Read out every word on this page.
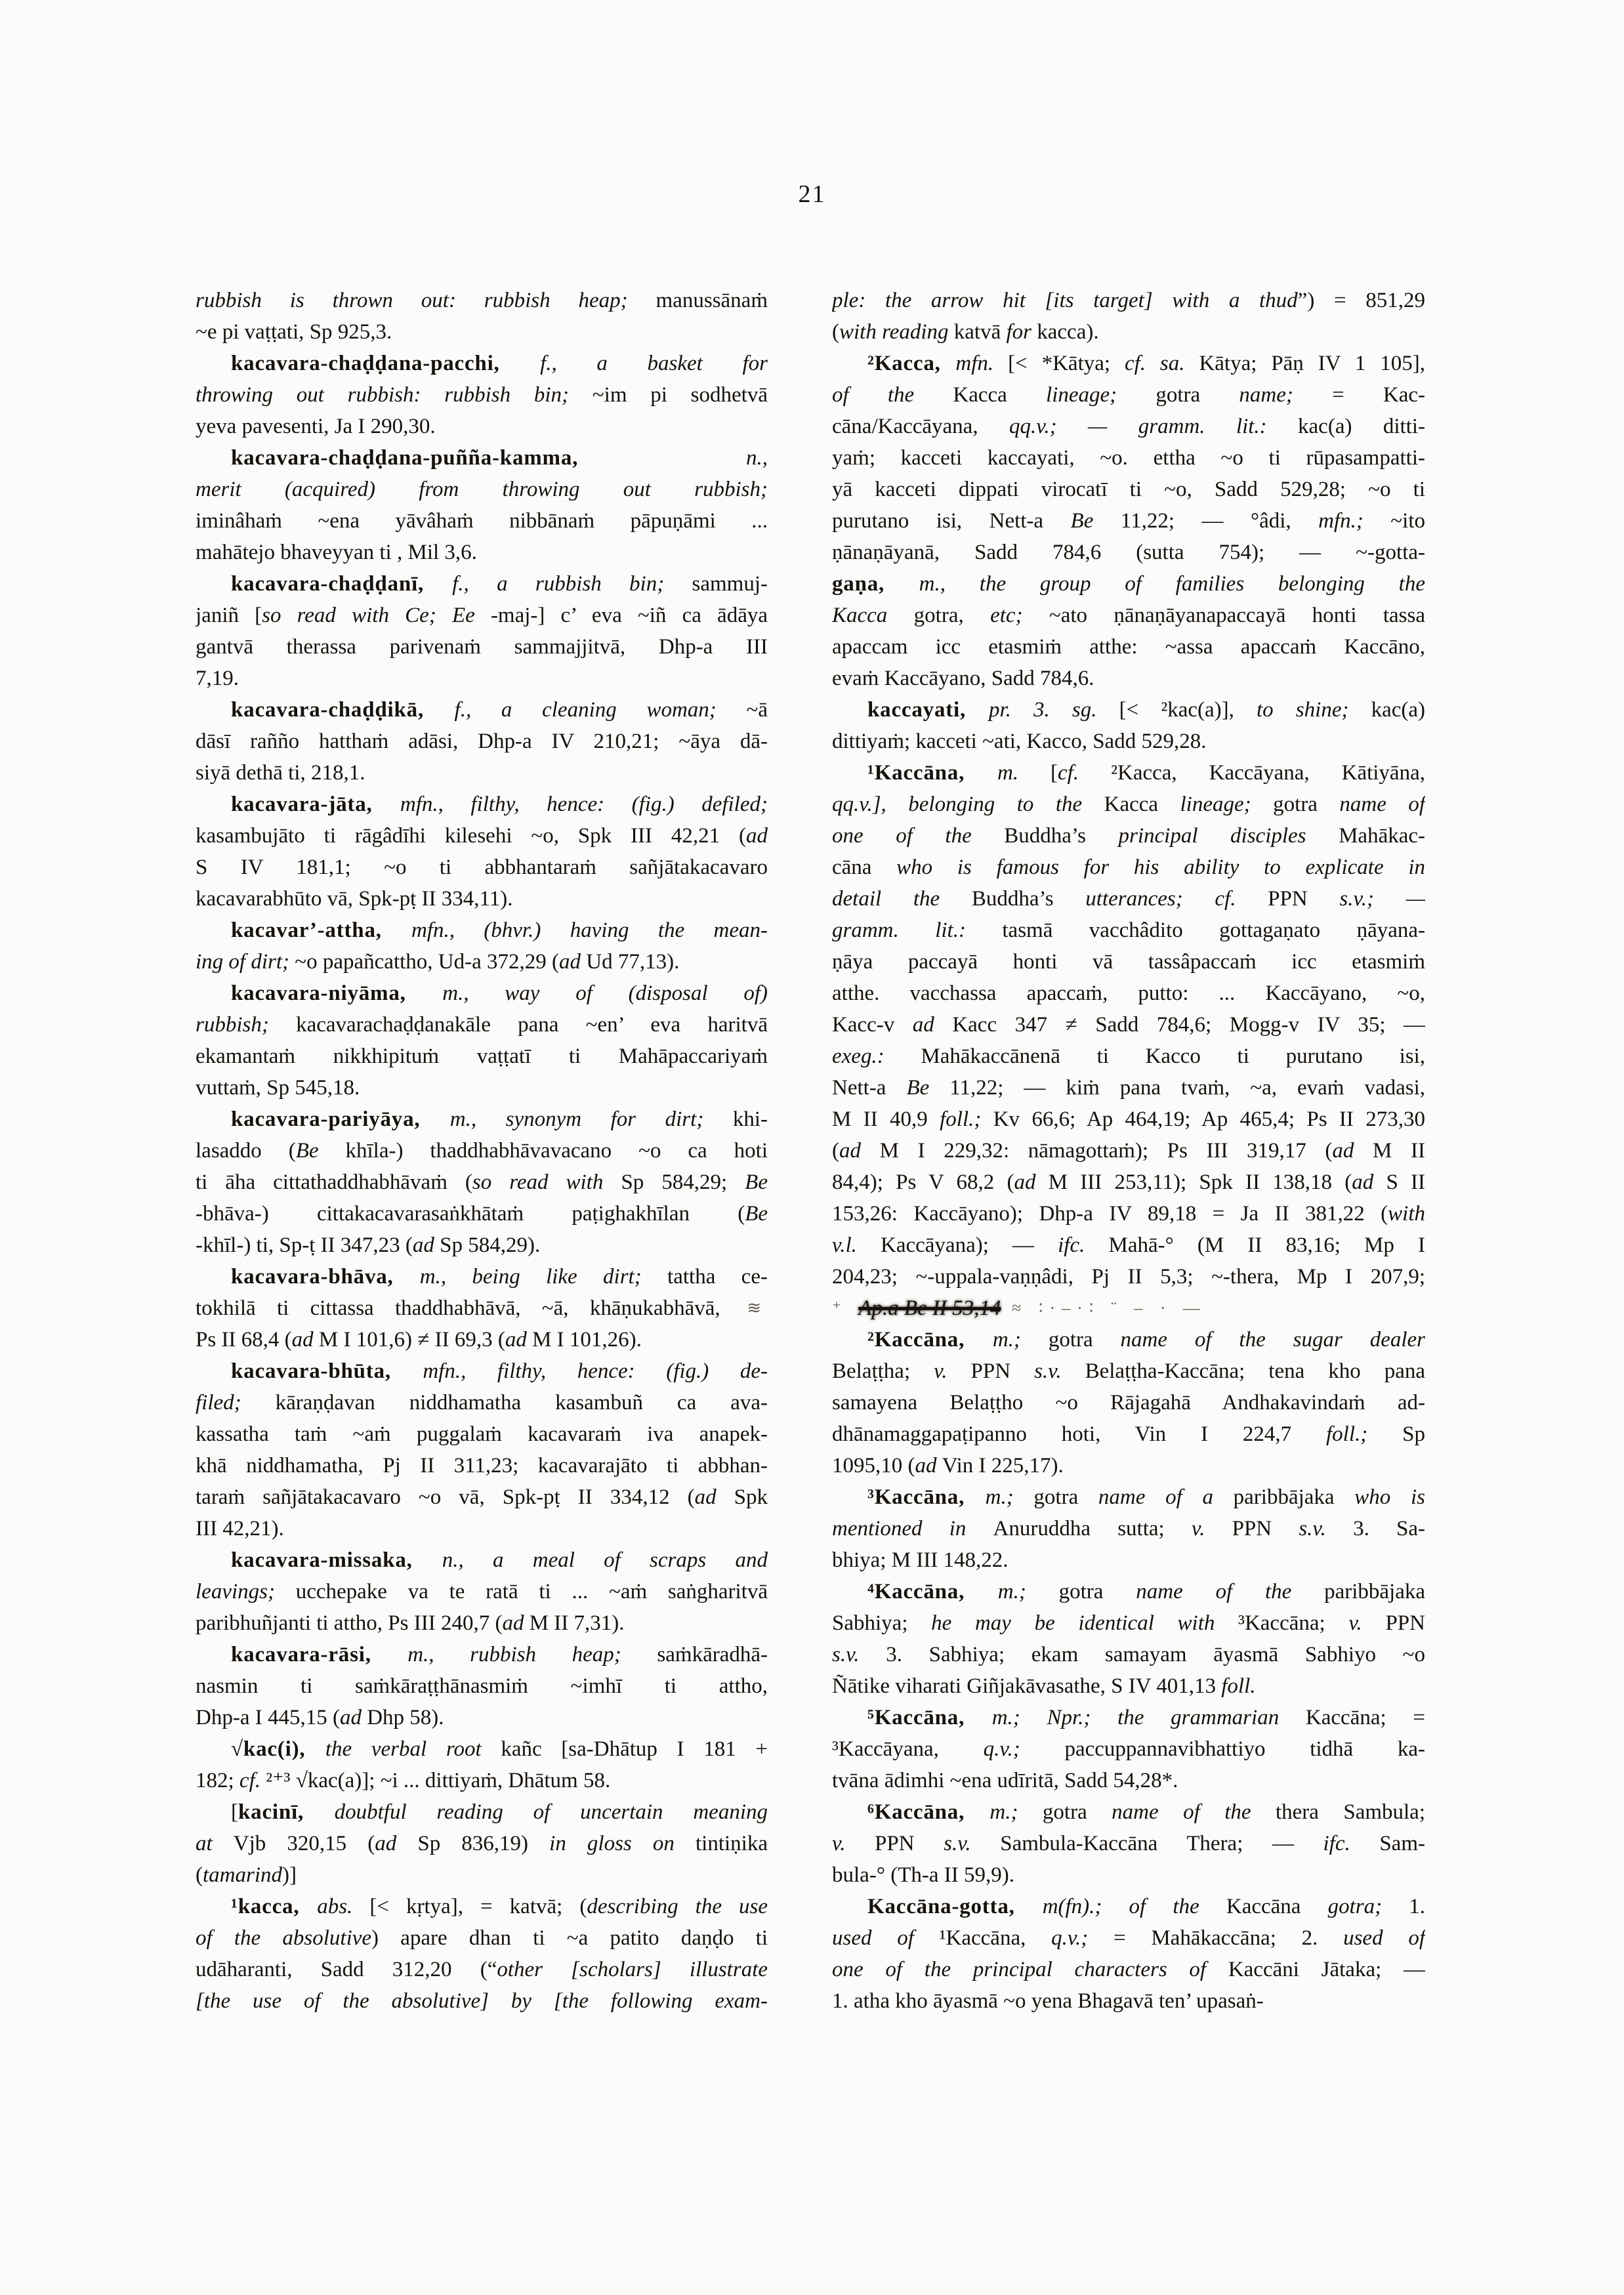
21
rubbish is thrown out: rubbish heap; manussānaṁ
~e pi vaṭṭati, Sp 925,3.
kacavara-chaḍḍana-pacchi, f., a basket for
throwing out rubbish: rubbish bin; ~im pi sodhetvā
yeva pavesenti, Ja I 290,30.
kacavara-chaḍḍana-puñña-kamma, n.,
merit (acquired) from throwing out rubbish;
iminâhaṁ ~ena yāvâhaṁ nibbānaṁ pāpuṇāmi ...
mahātejo bhaveyyan ti , Mil 3,6.
kacavara-chaḍḍanī, f., a rubbish bin; sammuj-
janiñ [so read with Ce; Ee -maj-] c’ eva ~iñ ca ādāya
gantvā therassa parivenaṁ sammajjitvā, Dhp-a III
7,19.
kacavara-chaḍḍikā, f., a cleaning woman; ~ā
dāsī rañño hatthaṁ adāsi, Dhp-a IV 210,21; ~āya dā-
siyā dethā ti, 218,1.
kacavara-jāta, mfn., filthy, hence: (fig.) defiled;
kasambujāto ti rāgâdīhi kilesehi ~o, Spk III 42,21 (ad
S IV 181,1; ~o ti abbhantaraṁ sañjātakacavaro
kacavarabhūto vā, Spk-pṭ II 334,11).
kacavar’-attha, mfn., (bhvr.) having the mean-
ing of dirt; ~o papañcattho, Ud-a 372,29 (ad Ud 77,13).
kacavara-niyāma, m., way of (disposal of)
rubbish; kacavarachaḍḍanakāle pana ~en’ eva haritvā
ekamantaṁ nikkhipituṁ vaṭṭatī ti Mahāpaccariyaṁ
vuttaṁ, Sp 545,18.
kacavara-pariyāya, m., synonym for dirt; khi-
lasaddo (Be khīla-) thaddhabhāvavacano ~o ca hoti
ti āha cittathaddhabhāvaṁ (so read with Sp 584,29; Be
-bhāva-) cittakacavarasaṅkhātaṁ paṭighakhīlan (Be
-khīl-) ti, Sp-ṭ II 347,23 (ad Sp 584,29).
kacavara-bhāva, m., being like dirt; tattha ce-
tokhilā ti cittassa thaddhabhāvā, ~ā, khāṇukabhāvā, ≋
Ps II 68,4 (ad M I 101,6) ≠ II 69,3 (ad M I 101,26).
kacavara-bhūta, mfn., filthy, hence: (fig.) de-
filed; kāraṇḍavan niddhamatha kasambuñ ca ava-
kassatha taṁ ~aṁ puggalaṁ kacavaraṁ iva anapek-
khā niddhamatha, Pj II 311,23; kacavarajāto ti abbhan-
taraṁ sañjātakacavaro ~o vā, Spk-pṭ II 334,12 (ad Spk
III 42,21).
kacavara-missaka, n., a meal of scraps and
leavings; ucchepake va te ratā ti ... ~aṁ saṅgharitvā
paribhuñjanti ti attho, Ps III 240,7 (ad M II 7,31).
kacavara-rāsi, m., rubbish heap; saṁkāradhā-
nasmin ti saṁkāraṭṭhānasmiṁ ~imhī ti attho,
Dhp-a I 445,15 (ad Dhp 58).
√kac(i), the verbal root kañc [sa-Dhātup I 181 +
182; cf. ²⁺³ √kac(a)]; ~i ... dittiyaṁ, Dhātum 58.
[kacinī, doubtful reading of uncertain meaning
at Vjb 320,15 (ad Sp 836,19) in gloss on tintiṇika
(tamarind)]
¹kacca, abs. [< kṛtya], = katvā; (describing the use
of the absolutive) apare dhan ti ~a patito daṇḍo ti
udāharanti, Sadd 312,20 (“other [scholars] illustrate
[the use of the absolutive] by [the following exam-
ple: the arrow hit [its target] with a thud”) = 851,29
(with reading katvā for kacca).
²Kacca, mfn. [< *Kātya; cf. sa. Kātya; Pāṇ IV 1 105],
of the Kacca lineage; gotra name; = Kac-
cāna/Kaccāyana, qq.v.; — gramm. lit.: kac(a) ditti-
yaṁ; kacceti kaccayati, ~o. ettha ~o ti rūpasampatti-
yā kacceti dippati virocatī ti ~o, Sadd 529,28; ~o ti
purutano isi, Nett-a Be 11,22; — °âdi, mfn.; ~ito
ṇānaṇāyanā, Sadd 784,6 (sutta 754); — ~-gotta-
gaṇa, m., the group of families belonging the
Kacca gotra, etc; ~ato ṇānaṇāyanapaccayā honti tassa
apaccam icc etasmiṁ atthe: ~assa apaccaṁ Kaccāno,
evaṁ Kaccāyano, Sadd 784,6.
kaccayati, pr. 3. sg. [< ²kac(a)], to shine; kac(a)
dittiyaṁ; kacceti ~ati, Kacco, Sadd 529,28.
¹Kaccāna, m. [cf. ²Kacca, Kaccāyana, Kātiyāna,
qq.v.], belonging to the Kacca lineage; gotra name of
one of the Buddha’s principal disciples Mahākac-
cāna who is famous for his ability to explicate in
detail the Buddha’s utterances; cf. PPN s.v.; —
gramm. lit.: tasmā vacchâdito gottagaṇato ṇāyana-
ṇāya paccayā honti vā tassâpaccaṁ icc etasmiṁ
atthe. vacchassa apaccaṁ, putto: ... Kaccāyano, ~o,
Kacc-v ad Kacc 347 ≠ Sadd 784,6; Mogg-v IV 35; —
exeg.: Mahākaccānenā ti Kacco ti purutano isi,
Nett-a Be 11,22; — kiṁ pana tvaṁ, ~a, evaṁ vadasi,
M II 40,9 foll.; Kv 66,6; Ap 464,19; Ap 465,4; Ps II 273,30
(ad M I 229,32: nāmagottaṁ); Ps III 319,17 (ad M II
84,4); Ps V 68,2 (ad M III 253,11); Spk II 138,18 (ad S II
153,26: Kaccāyano); Dhp-a IV 89,18 = Ja II 381,22 (with
v.l. Kaccāyana); — ifc. Mahā-° (M II 83,16; Mp I
204,23; ~-uppala-vaṇṇâdi, Pj II 5,3; ~-thera, Mp I 207,9;
⁺ Ap.a Be II 53,14 ≈ ∶·–·∶ ¨ – · —
²Kaccāna, m.; gotra name of the sugar dealer
Belaṭṭha; v. PPN s.v. Belaṭṭha-Kaccāna; tena kho pana
samayena Belaṭṭho ~o Rājagahā Andhakavindaṁ ad-
dhānamaggapaṭipanno hoti, Vin I 224,7 foll.; Sp
1095,10 (ad Vin I 225,17).
³Kaccāna, m.; gotra name of a paribbājaka who is
mentioned in Anuruddha sutta; v. PPN s.v. 3. Sa-
bhiya; M III 148,22.
⁴Kaccāna, m.; gotra name of the paribbājaka
Sabhiya; he may be identical with ³Kaccāna; v. PPN
s.v. 3. Sabhiya; ekam samayam āyasmā Sabhiyo ~o
Ñātike viharati Giñjakāvasathe, S IV 401,13 foll.
⁵Kaccāna, m.; Npr.; the grammarian Kaccāna; =
³Kaccāyana, q.v.; paccuppannavibhattiyo tidhā ka-
tvāna ādimhi ~ena udīritā, Sadd 54,28*.
⁶Kaccāna, m.; gotra name of the thera Sambula;
v. PPN s.v. Sambula-Kaccāna Thera; — ifc. Sam-
bula-° (Th-a II 59,9).
Kaccāna-gotta, m(fn).; of the Kaccāna gotra; 1.
used of ¹Kaccāna, q.v.; = Mahākaccāna; 2. used of
one of the principal characters of Kaccāni Jātaka; —
1. atha kho āyasmā ~o yena Bhagavā ten’ upasaṅ-
